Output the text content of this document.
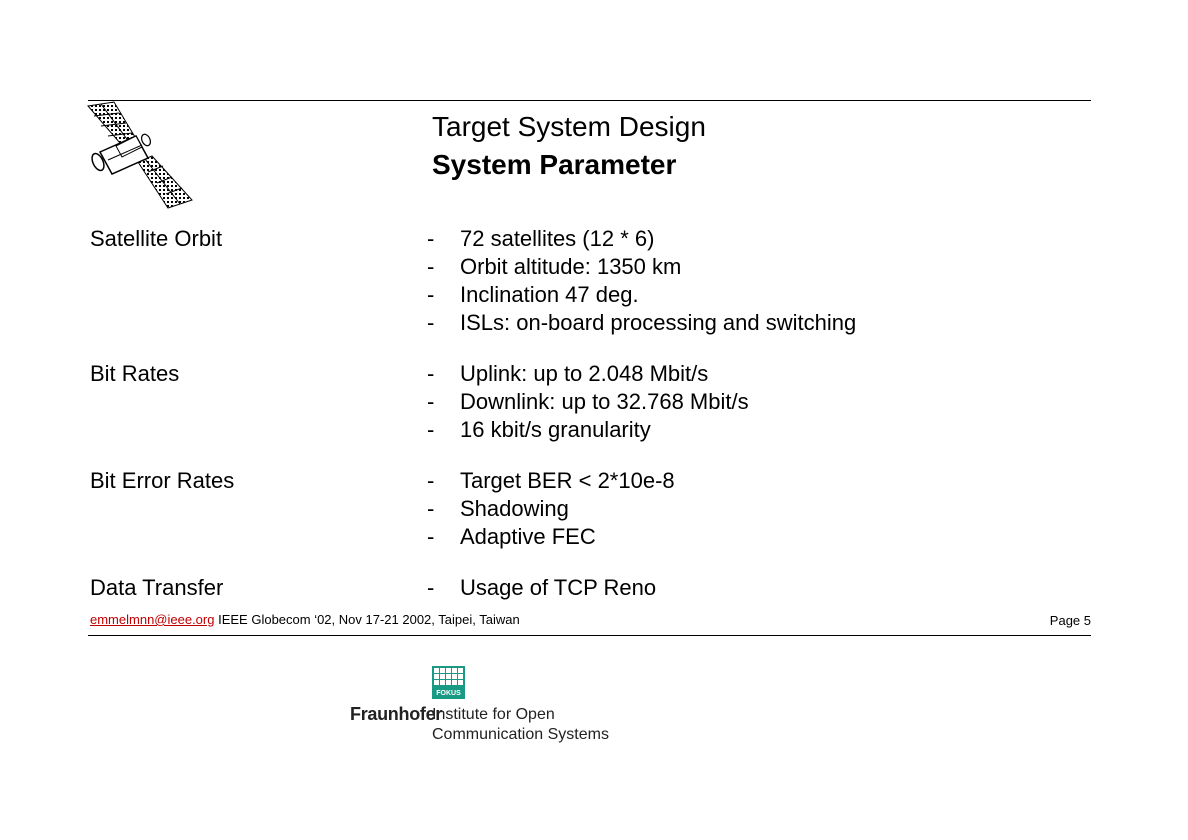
Target System Design
System Parameter
Satellite Orbit	- 72 satellites (12 * 6)
- Orbit altitude: 1350 km
- Inclination 47 deg.
- ISLs: on-board processing and switching
Bit Rates	- Uplink: up to 2.048 Mbit/s
- Downlink: up to 32.768 Mbit/s
- 16 kbit/s granularity
Bit Error Rates	- Target BER < 2*10e-8
- Shadowing
- Adaptive FEC
Data Transfer	- Usage of TCP Reno
emmelmnn@ieee.org IEEE Globecom ‘02, Nov 17-21 2002, Taipei, Taiwan	Page 5
FOKUS
Fraunhofer
Institute for Open
Communication Systems
